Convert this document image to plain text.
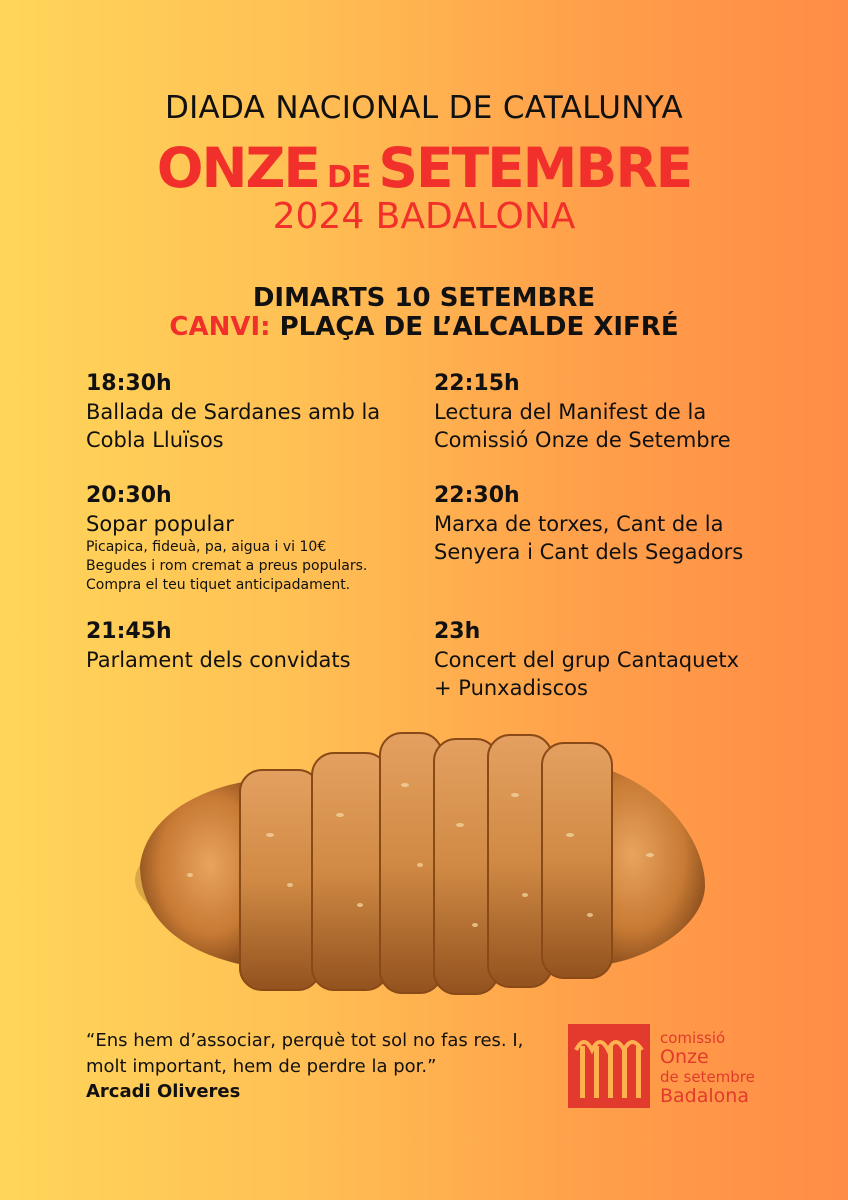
DIADA NACIONAL DE CATALUNYA
ONZE DE SETEMBRE
2024 BADALONA
DIMARTS 10 SETEMBRE
CANVI: PLAÇA DE L’ALCALDE XIFRÉ
18:30h
Ballada de Sardanes amb la Cobla Lluïsos
20:30h
Sopar popular
Picapica, fideuà, pa, aigua i vi 10€
Begudes i rom cremat a preus populars.
Compra el teu tiquet anticipadament.
21:45h
Parlament dels convidats
22:15h
Lectura del Manifest de la Comissió Onze de Setembre
22:30h
Marxa de torxes, Cant de la Senyera i Cant dels Segadors
23h
Concert del grup Cantaquetx + Punxadiscos
“Ens hem d’associar, perquè tot sol no fas res. I, molt important, hem de perdre la por.”
Arcadi Oliveres
comissió
Onze
de setembre
Badalona
